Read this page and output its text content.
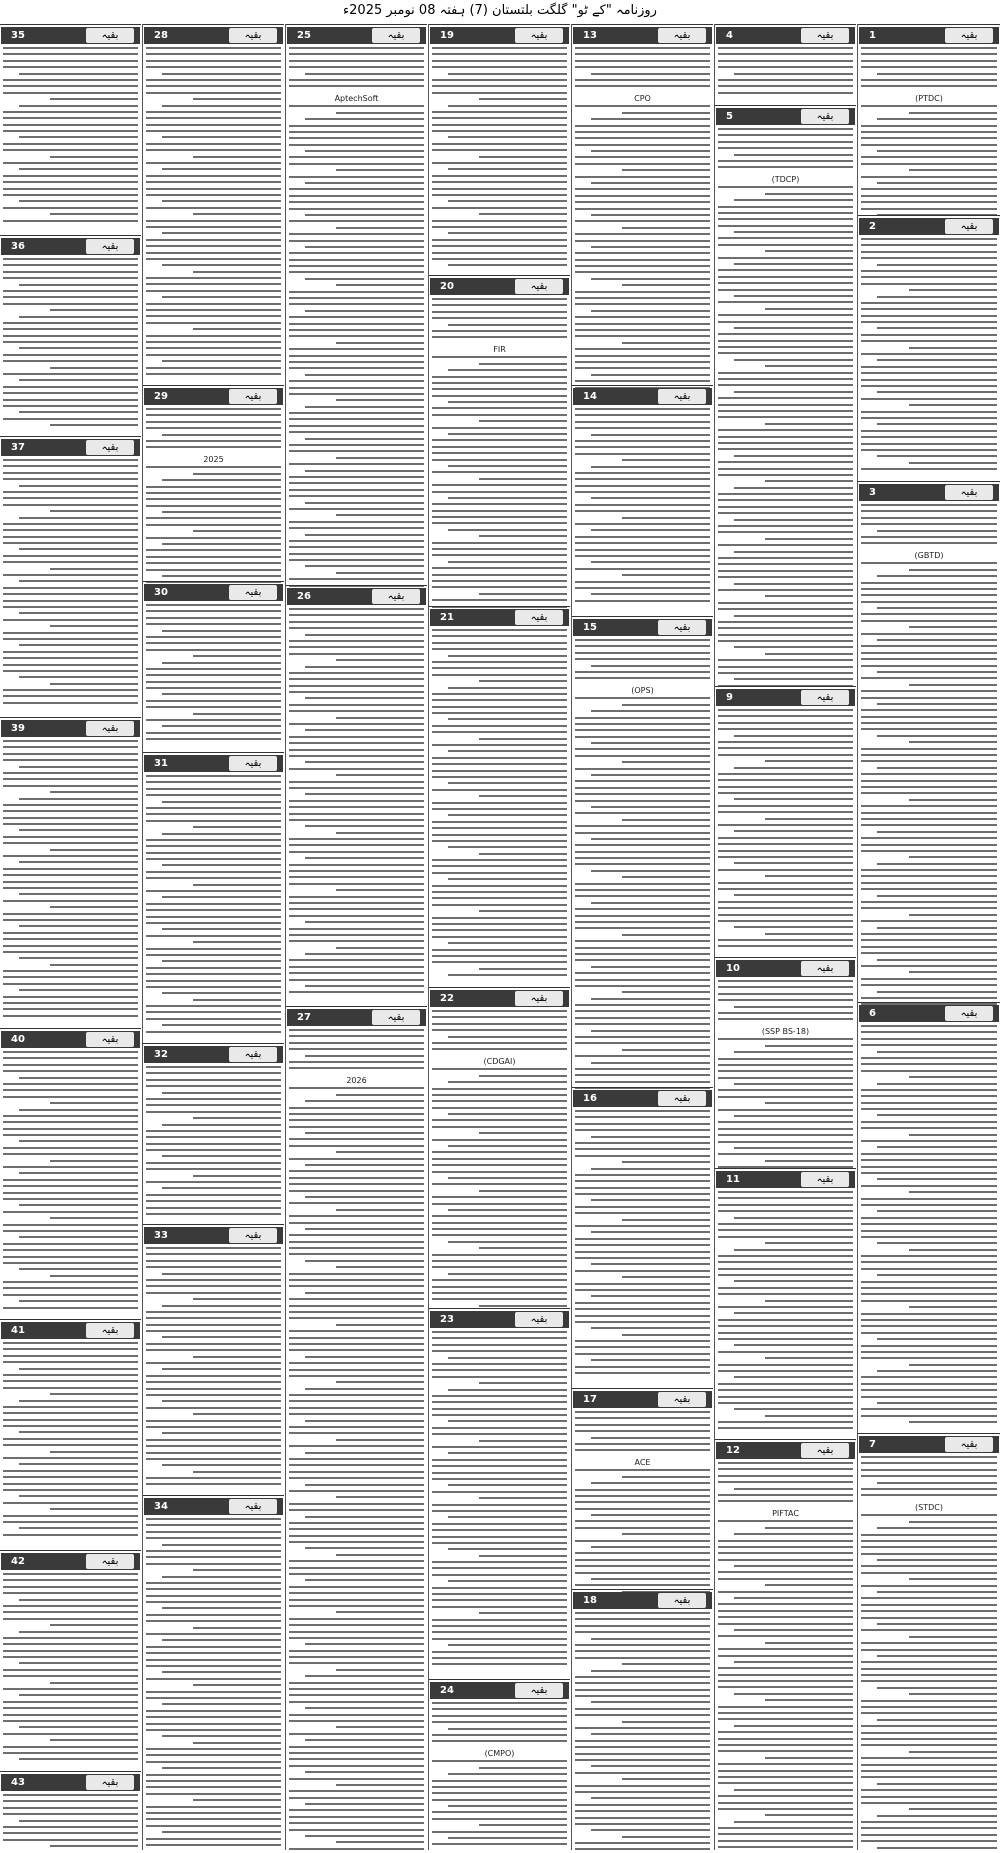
روزنامہ "کے ٹو" گلگت بلتستان (7) ہفتہ 08 نومبر 2025ء
بقیہ
1
(PTDC)
بقیہ
2
بقیہ
3
(GBTD)
بقیہ
6
بقیہ
7
(STDC)
بقیہ
4
بقیہ
5
(TDCP)
بقیہ
9
بقیہ
10
(SSP BS-18)
بقیہ
11
بقیہ
12
PIFTAC
بقیہ
13
CPO
بقیہ
14
بقیہ
15
(OPS)
بقیہ
16
بقیہ
17
ACE
بقیہ
18
بقیہ
19
بقیہ
20
FIR
بقیہ
21
بقیہ
22
(CDGAI)
بقیہ
23
بقیہ
24
(CMPO)
بقیہ
25
AptechSoft
بقیہ
26
بقیہ
27
2026
بقیہ
28
بقیہ
29
2025
بقیہ
30
بقیہ
31
بقیہ
32
بقیہ
33
بقیہ
34
بقیہ
35
بقیہ
36
بقیہ
37
بقیہ
39
بقیہ
40
بقیہ
41
بقیہ
42
بقیہ
43
